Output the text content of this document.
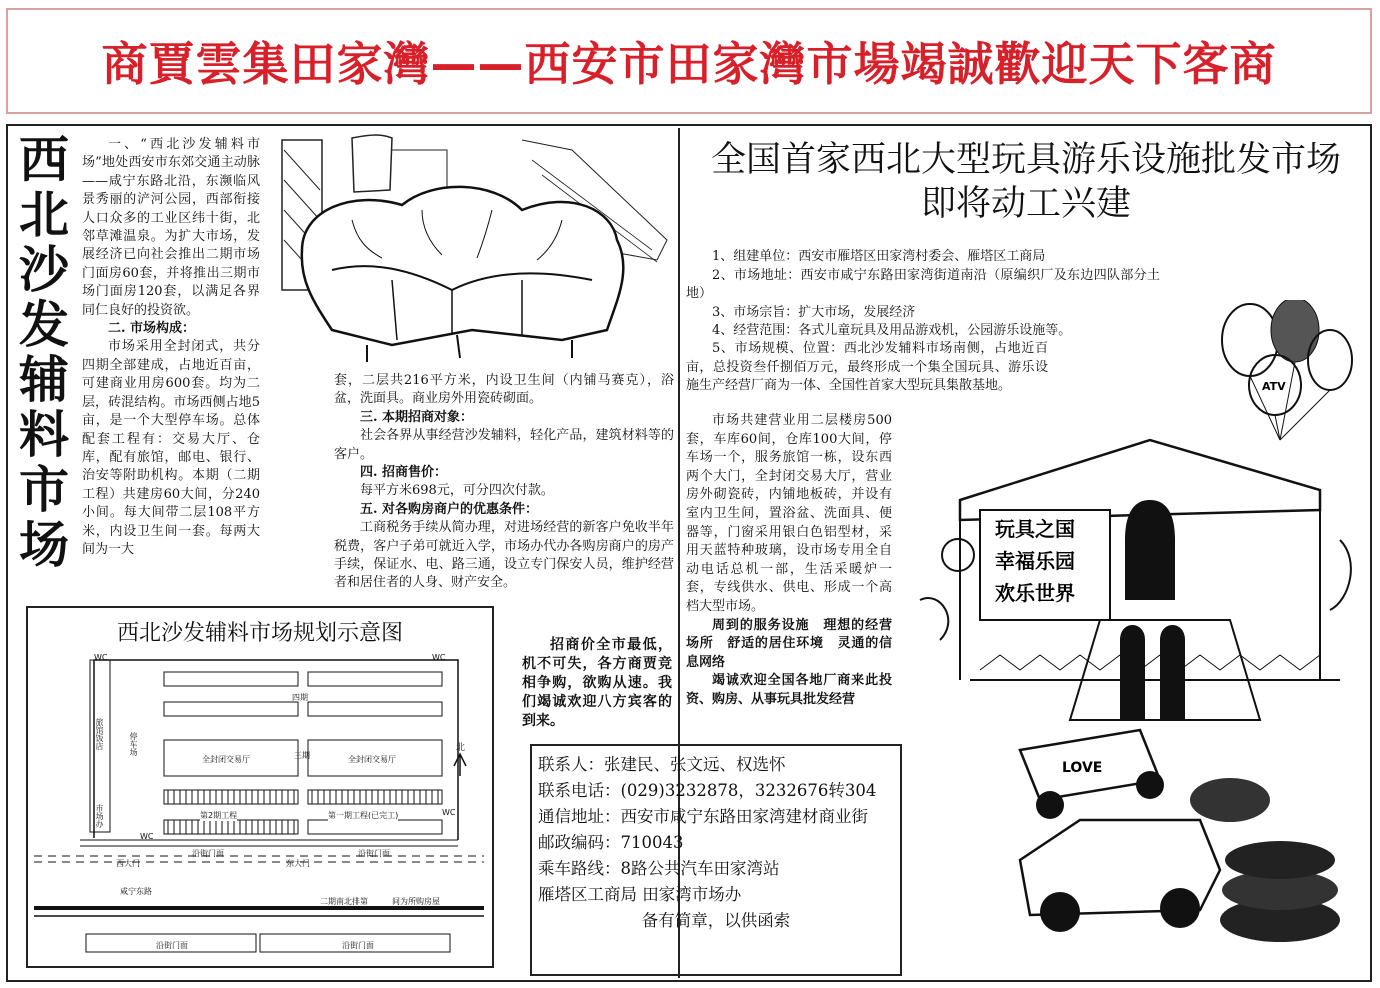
商賈雲集田家灣——西安市田家灣市場竭誠歡迎天下客商
西
北
沙
发
辅
料
市
场

一、“西北沙发辅料市场”地处西安市东郊交通主动脉——咸宁东路北沿，东濒临风景秀丽的浐河公园，西部衔接人口众多的工业区纬十街，北邻草滩温泉。为扩大市场，发展经济已向社会推出二期市场门面房60套，并将推出三期市场门面房120套，以满足各界同仁良好的投资欲。

二. 市场构成：

市场采用全封闭式，共分四期全部建成，占地近百亩，可建商业用房600套。均为二层，砖混结构。市场西侧占地5亩，是一个大型停车场。总体配套工程有：交易大厅、仓库，配有旅馆，邮电、银行、治安等附助机构。本期（二期工程）共建房60大间，分240小间。每大间带二层108平方米，内设卫生间一套。每两大间为一大

套，二层共216平方米，内设卫生间（内铺马赛克），浴盆，洗面具。商业房外用瓷砖砌面。

三. 本期招商对象：

社会各界从事经营沙发辅料，轻化产品，建筑材料等的客户。

四. 招商售价：

每平方米698元，可分四次付款。

五. 对各购房商户的优惠条件：

工商税务手续从简办理，对进场经营的新客户免收半年税费，客户子弟可就近入学，市场办代办各购房商户的房产手续，保证水、电、路三通，设立专门保安人员，维护经营者和居住者的人身、财产安全。

招商价全市最低，机不可失，各方商贾竞相争购，欲购从速。我们竭诚欢迎八方宾客的到来。

西北沙发辅料市场规划示意图
WC	WC
四期
三期
全封闭交易厅	全封闭交易厅
第2期工程	第一期工程(已完工)	WC
WC
沿街门面	沿街门面
西大门	东大门
咸宁东路
二期南北排第	间为所购房屋
沿街门面	沿街门面
北
旅馆饭店	停车场
市场办
全国首家西北大型玩具游乐设施批发市场
即将动工兴建

1、组建单位：西安市雁塔区田家湾村委会、雁塔区工商局

2、市场地址：西安市咸宁东路田家湾街道南沿（原编织厂及东边四队部分土地）

3、市场宗旨：扩大市场，发展经济

4、经营范围：各式儿童玩具及用品游戏机，公园游乐设施等。

5、市场规模、位置：西北沙发辅料市场南侧，占地近百亩，总投资叁仟捌佰万元，最终形成一个集全国玩具、游乐设施生产经营厂商为一体、全国性首家大型玩具集散基地。

市场共建营业用二层楼房500套，车库60间，仓库100大间，停车场一个，服务旅馆一栋，设东西两个大门，全封闭交易大厅，营业房外砌瓷砖，内铺地板砖，并设有室内卫生间，置浴盆、洗面具、便器等，门窗采用银白色铝型材，采用天蓝特种玻璃，设市场专用全自动电话总机一部，生活采暖炉一套，专线供水、供电、形成一个高档大型市场。

周到的服务设施　理想的经营场所　舒适的居住环境　灵通的信息网络

竭诚欢迎全国各地厂商来此投资、购房、从事玩具批发经营

ATV
玩具之国
幸福乐园
欢乐世界
LOVE
联系人：张建民、张文远、权选怀
联系电话：(029)3232878，3232676转304
通信地址：西安市咸宁东路田家湾建材商业街
邮政编码：710043
乘车路线：8路公共汽车田家湾站
雁塔区工商局 田家湾市场办
备有简章，以供函索
